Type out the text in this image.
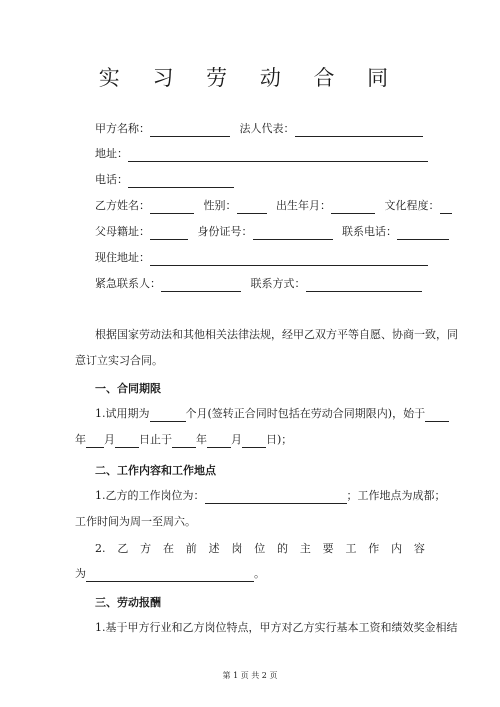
实 习 劳 动 合 同
甲方名称：	法人代表：
地址：
电话：
乙方姓名：	性别：	出生年月：	文化程度：
父母籍址：	身份证号：	联系电话：
现住地址：
紧急联系人：	联系方式：
根据国家劳动法和其他相关法律法规，经甲乙双方平等自愿、协商一致，同
意订立实习合同。
一、合同期限
1.试用期为	个月(签转正合同时包括在劳动合同期限内)，始于
年 月 日止于 年 月 日)；
二、工作内容和工作地点
1.乙方的工作岗位为：	；工作地点为成都；
工作时间为周一至周六。
2. 乙 方 在 前 述 岗 位 的 主 要 工 作 内 容
为	。
三、劳动报酬
1.基于甲方行业和乙方岗位特点，甲方对乙方实行基本工资和绩效奖金相结
第 1 页 共 2 页
